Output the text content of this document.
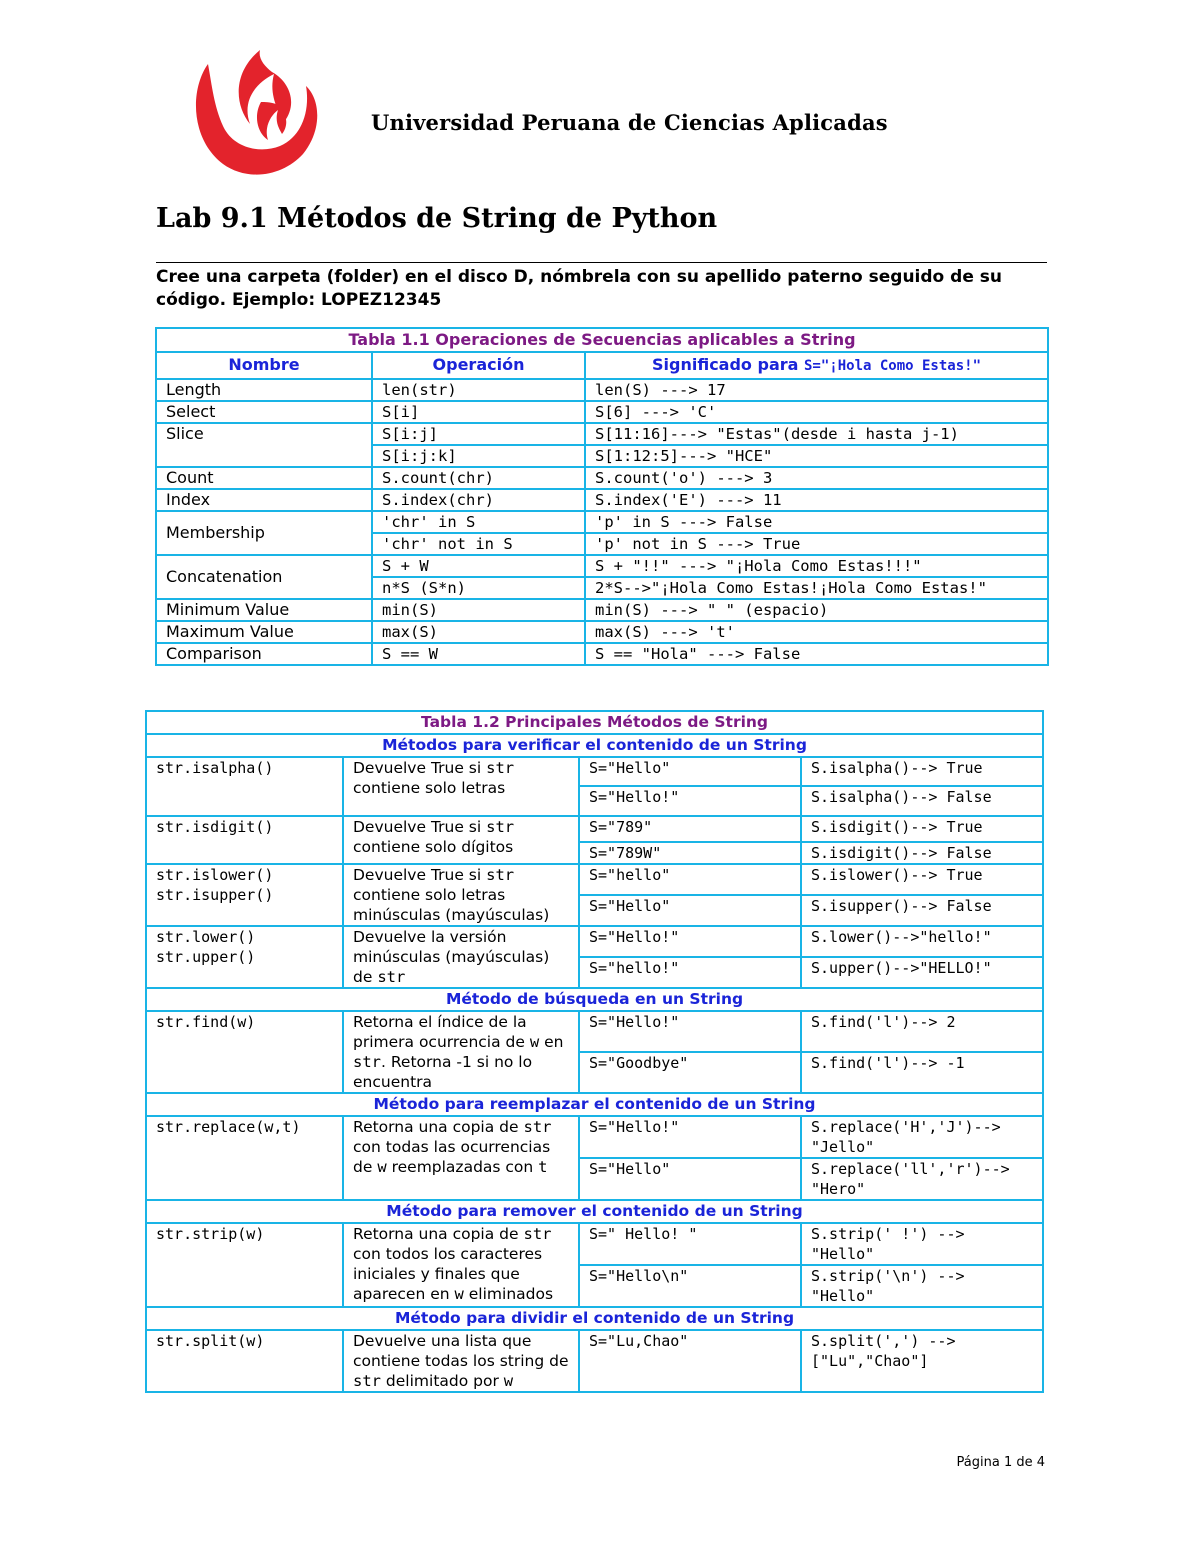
Universidad Peruana de Ciencias Aplicadas
Lab 9.1 Métodos de String de Python
Cree una carpeta (folder) en el disco D, nómbrela con su apellido paterno seguido de su código. Ejemplo: LOPEZ12345
Tabla 1.1 Operaciones de Secuencias aplicables a String		
Nombre	Operación	Significado para S="¡Hola Como Estas!"
Length	len(str)	len(S) ---> 17
Select	S[i]	S[6] ---> 'C'
Slice	S[i:j]	S[11:16]---> "Estas"(desde i hasta j-1)
	S[i:j:k]	S[1:12:5]---> "HCE"
Count	S.count(chr)	S.count('o') ---> 3
Index	S.index(chr)	S.index('E') ---> 11
Membership	'chr' in S	'p' in S ---> False
	'chr' not in S	'p' not in S ---> True
Concatenation	S + W	S + "!!" ---> "¡Hola Como Estas!!!"
	n*S (S*n)	2*S-->"¡Hola Como Estas!¡Hola Como Estas!"
Minimum Value	min(S)	min(S) ---> " " (espacio)
Maximum Value	max(S)	max(S) ---> 't'
Comparison	S == W	S == "Hola" ---> False
Tabla 1.2 Principales Métodos de String			
Métodos para verificar el contenido de un String			

str.isalpha()	Devuelve True si str contiene solo letras	S="Hello"	S.isalpha()--> True
		S="Hello!"	S.isalpha()--> False

str.isdigit()	Devuelve True si str contiene solo dígitos	S="789"	S.isdigit()--> True
		S="789W"	S.isdigit()--> False

str.islower()
str.isupper()	Devuelve True si str contiene solo letras minúsculas (mayúsculas)	S="hello"	S.islower()--> True
		S="Hello"	S.isupper()--> False

str.lower()
str.upper()	Devuelve la versión minúsculas (mayúsculas) de str	S="Hello!"	S.lower()-->"hello!"
		S="hello!"	S.upper()-->"HELLO!"
Método de búsqueda en un String			

str.find(w)	Retorna el índice de la primera ocurrencia de w en str. Retorna -1 si no lo encuentra	S="Hello!"	S.find('l')--> 2
		S="Goodbye"	S.find('l')--> -1
Método para reemplazar el contenido de un String			

str.replace(w,t)	Retorna una copia de str con todas las ocurrencias de w reemplazadas con t	S="Hello!"	S.replace('H','J')--> "Jello"
		S="Hello"	S.replace('ll','r')--> "Hero"
Método para remover el contenido de un String			

str.strip(w)	Retorna una copia de str con todos los caracteres iniciales y finales que aparecen en w eliminados	S=" Hello! "	S.strip(' !') --> "Hello"
		S="Hello\n"	S.strip('\n') --> "Hello"
Método para dividir el contenido de un String			

str.split(w)	Devuelve una lista que contiene todas los string de str delimitado por w	S="Lu,Chao"	S.split(',') --> ["Lu","Chao"]
Página 1 de 4
